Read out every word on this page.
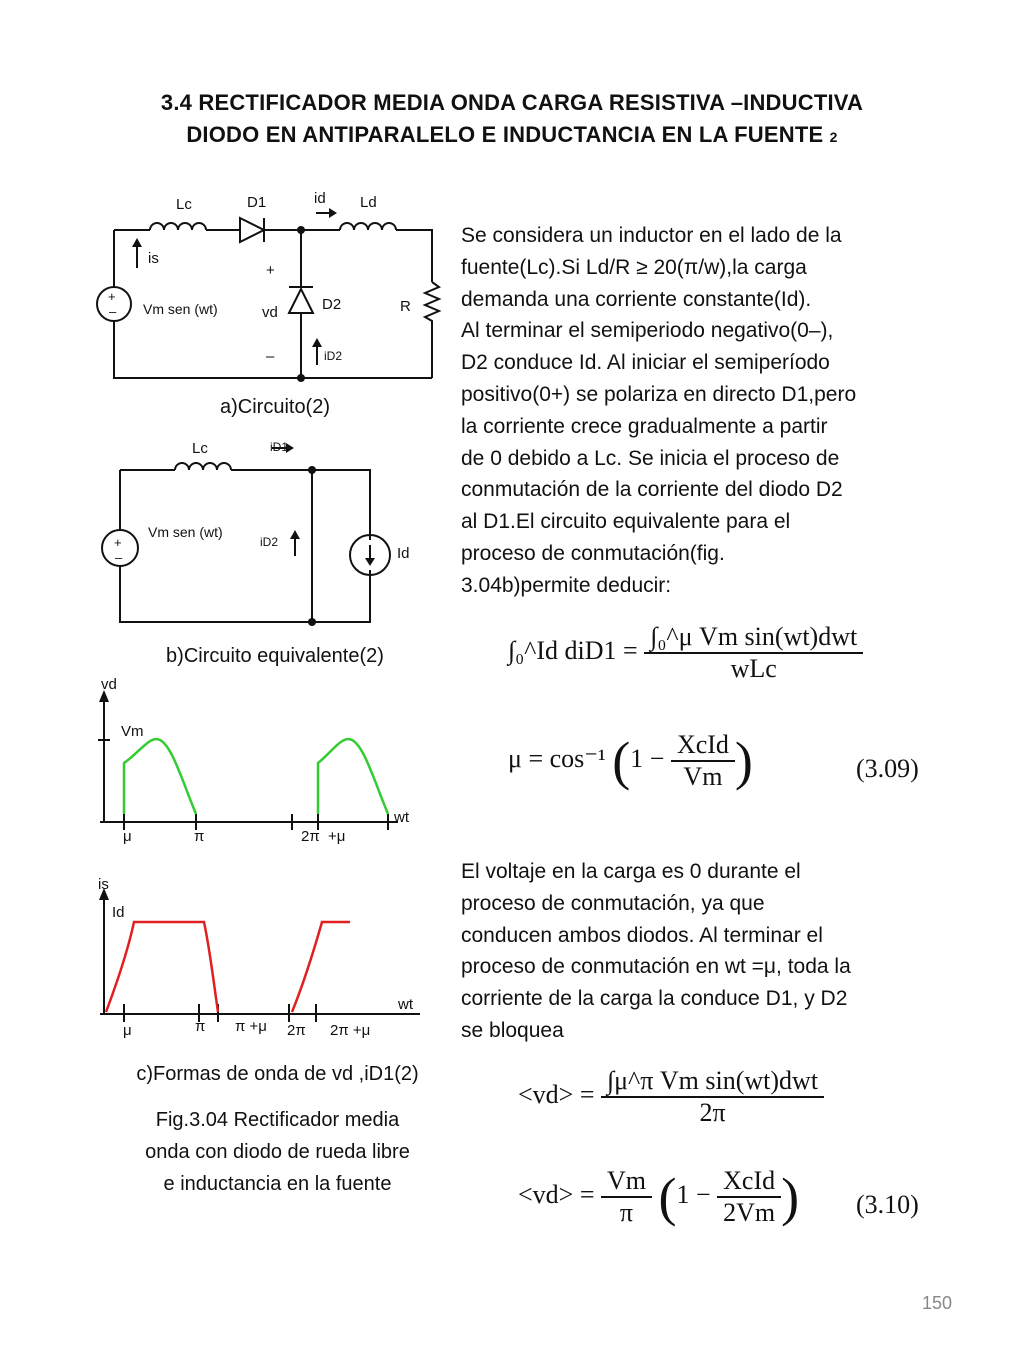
3.4 RECTIFICADOR MEDIA ONDA CARGA RESISTIVA –INDUCTIVA
DIODO EN ANTIPARALELO E INDUCTANCIA EN LA FUENTE 2
Lc	D1	id Ld
is
+
+
– Vm sen (wt)	vd	D2	R
–	iD2
a)Circuito(2)
Lc	iD1
+
–
Vm sen (wt)
iD2
Id
b)Circuito equivalente(2)
vd
Vm
wt
μ	π	2π  +μ
is
Id
wt
μ	π π +μ 2π 2π +μ
c)Formas de onda de vd ,iD1(2)
Fig.3.04 Rectificador media
onda con diodo de rueda libre
e inductancia en la fuente
Se considera un inductor en el lado de la
fuente(Lc).Si Ld/R ≥ 20(π/w),la carga
demanda una corriente constante(Id).
Al terminar el semiperiodo negativo(0–),
D2 conduce Id. Al iniciar el semiperíodo
positivo(0+) se polariza en directo D1,pero
la corriente crece gradualmente a partir
de 0 debido a Lc. Se inicia el proceso de
conmutación de la corriente del diodo D2
al D1.El circuito equivalente para el
proceso de conmutación(fig.
3.04b)permite deducir:
∫₀^Id $diD1 = \frac{\text{∫₀\textasciicircum{}μ Vm sin(wt)dwt}}{\text{wLc}}$
μ = cos⁻¹ ($1 - \frac{\text{XcId}}{Vm}$ )	(3.09)
El voltaje en la carga es 0 durante el
proceso de conmutación, ya que
conducen ambos diodos. Al terminar el
proceso de conmutación en wt =μ, toda la
corriente de la carga la conduce D1, y D2
se bloquea
$<vd> = \frac{\text{∫μ\textasciicircum{}π Vm sin(wt)dwt}}{2\pi}$
$<vd> = \frac{Vm}{\pi} (1 - \frac{\text{XcId}}{2Vm}$ ) (3.10)
150
